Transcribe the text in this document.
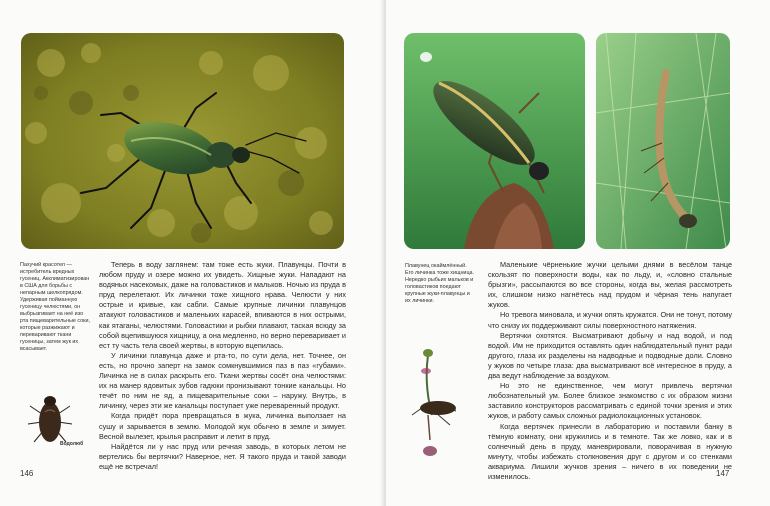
Пахучий красотел — истребитель вредных гусениц. Акклиматизирован в США для борьбы с непарным шелкопрядом. Удерживая пойманную гусеницу челюстями, он выбрызгивает на неё изо рта пищеварительные соки, которые разжижают и переваривают ткани гусеницы, затем жук их всасывает.

Теперь в воду заглянем: там тоже есть жуки. Плавунцы. Почти в любом пруду и озере можно их увидеть. Хищные жуки. Нападают на водяных насекомых, даже на головастиков и мальков. Ночью из пруда в пруд перелетают. Их личинки тоже хищного нрава. Челюсти у них острые и кривые, как сабли. Самые крупные личинки плавунцов атакуют головастиков и маленьких карасей, впиваются в них острыми, как ятаганы, челюстями. Головастики и рыбки плавают, таская всюду за собой вцепившуюся хищницу, а она медленно, но верно переваривает и ест ту часть тела своей жертвы, в которую вцепилась.

У личинки плавунца даже и рта-то, по сути дела, нет. Точнее, он есть, но прочно заперт на замок сомкнувшимися паз в паз «губами». Личинка не в силах раскрыть его. Ткани жертвы сосёт она челюстями: их на манер ядовитых зубов гадюки пронизывают тонкие канальцы. Но течёт по ним не яд, а пищеварительные соки – наружу. Внутрь, в личинку, через эти же канальцы поступает уже переваренный продукт.

Когда придёт пора превращаться в жука, личинка выползает на сушу и зарывается в землю. Молодой жук обычно в земле и зимует. Весной вылезет, крылья расправит и летит в пруд.

Найдётся ли у нас пруд или речная заводь, в которых летом не вертелись бы вертячки? Наверное, нет. Я такого пруда и такой заводи ещё не встречал!

Водолюб

146

Плавунец окаймлённый. Его личинка тоже хищница. Нередко рыбьих мальков и головастиков поедают крупные жуки-плавунцы и их личинки.

Маленькие чёрненькие жучки целыми днями в весёлом танце скользят по поверхности воды, как по льду, и, «словно стальные брызги», рассыпаются во все стороны, когда вы, желая рассмотреть их, слишком низко нагнётесь над прудом и чёрная тень напугает жуков.

Но тревога миновала, и жучки опять кружатся. Они не тонут, потому что снизу их поддерживают силы поверхностного натяжения.

Вертячки охотятся. Высматривают добычу и над водой, и под водой. Им не приходится оставлять один наблюдательный пункт ради другого, глаза их разделены на надводные и подводные доли. Словно у жуков по четыре глаза: два высматривают всё интересное в пруду, а два ведут наблюдение за воздухом.

Но это не единственное, чем могут привлечь вертячки любознательный ум. Более близкое знакомство с их образом жизни заставило конструкторов рассматривать с единой точки зрения и этих жуков, и работу самых сложных радиолокационных установок.

Когда вертячек принесли в лабораторию и поставили банку в тёмную комнату, они кружились и в темноте. Так же ловко, как и в солнечный день в пруду, маневрировали, поворачивая в нужную минуту, чтобы избежать столкновения друг с другом и со стенками аквариума. Лишили жучков зрения – ничего в их поведении не изменилось.	147
